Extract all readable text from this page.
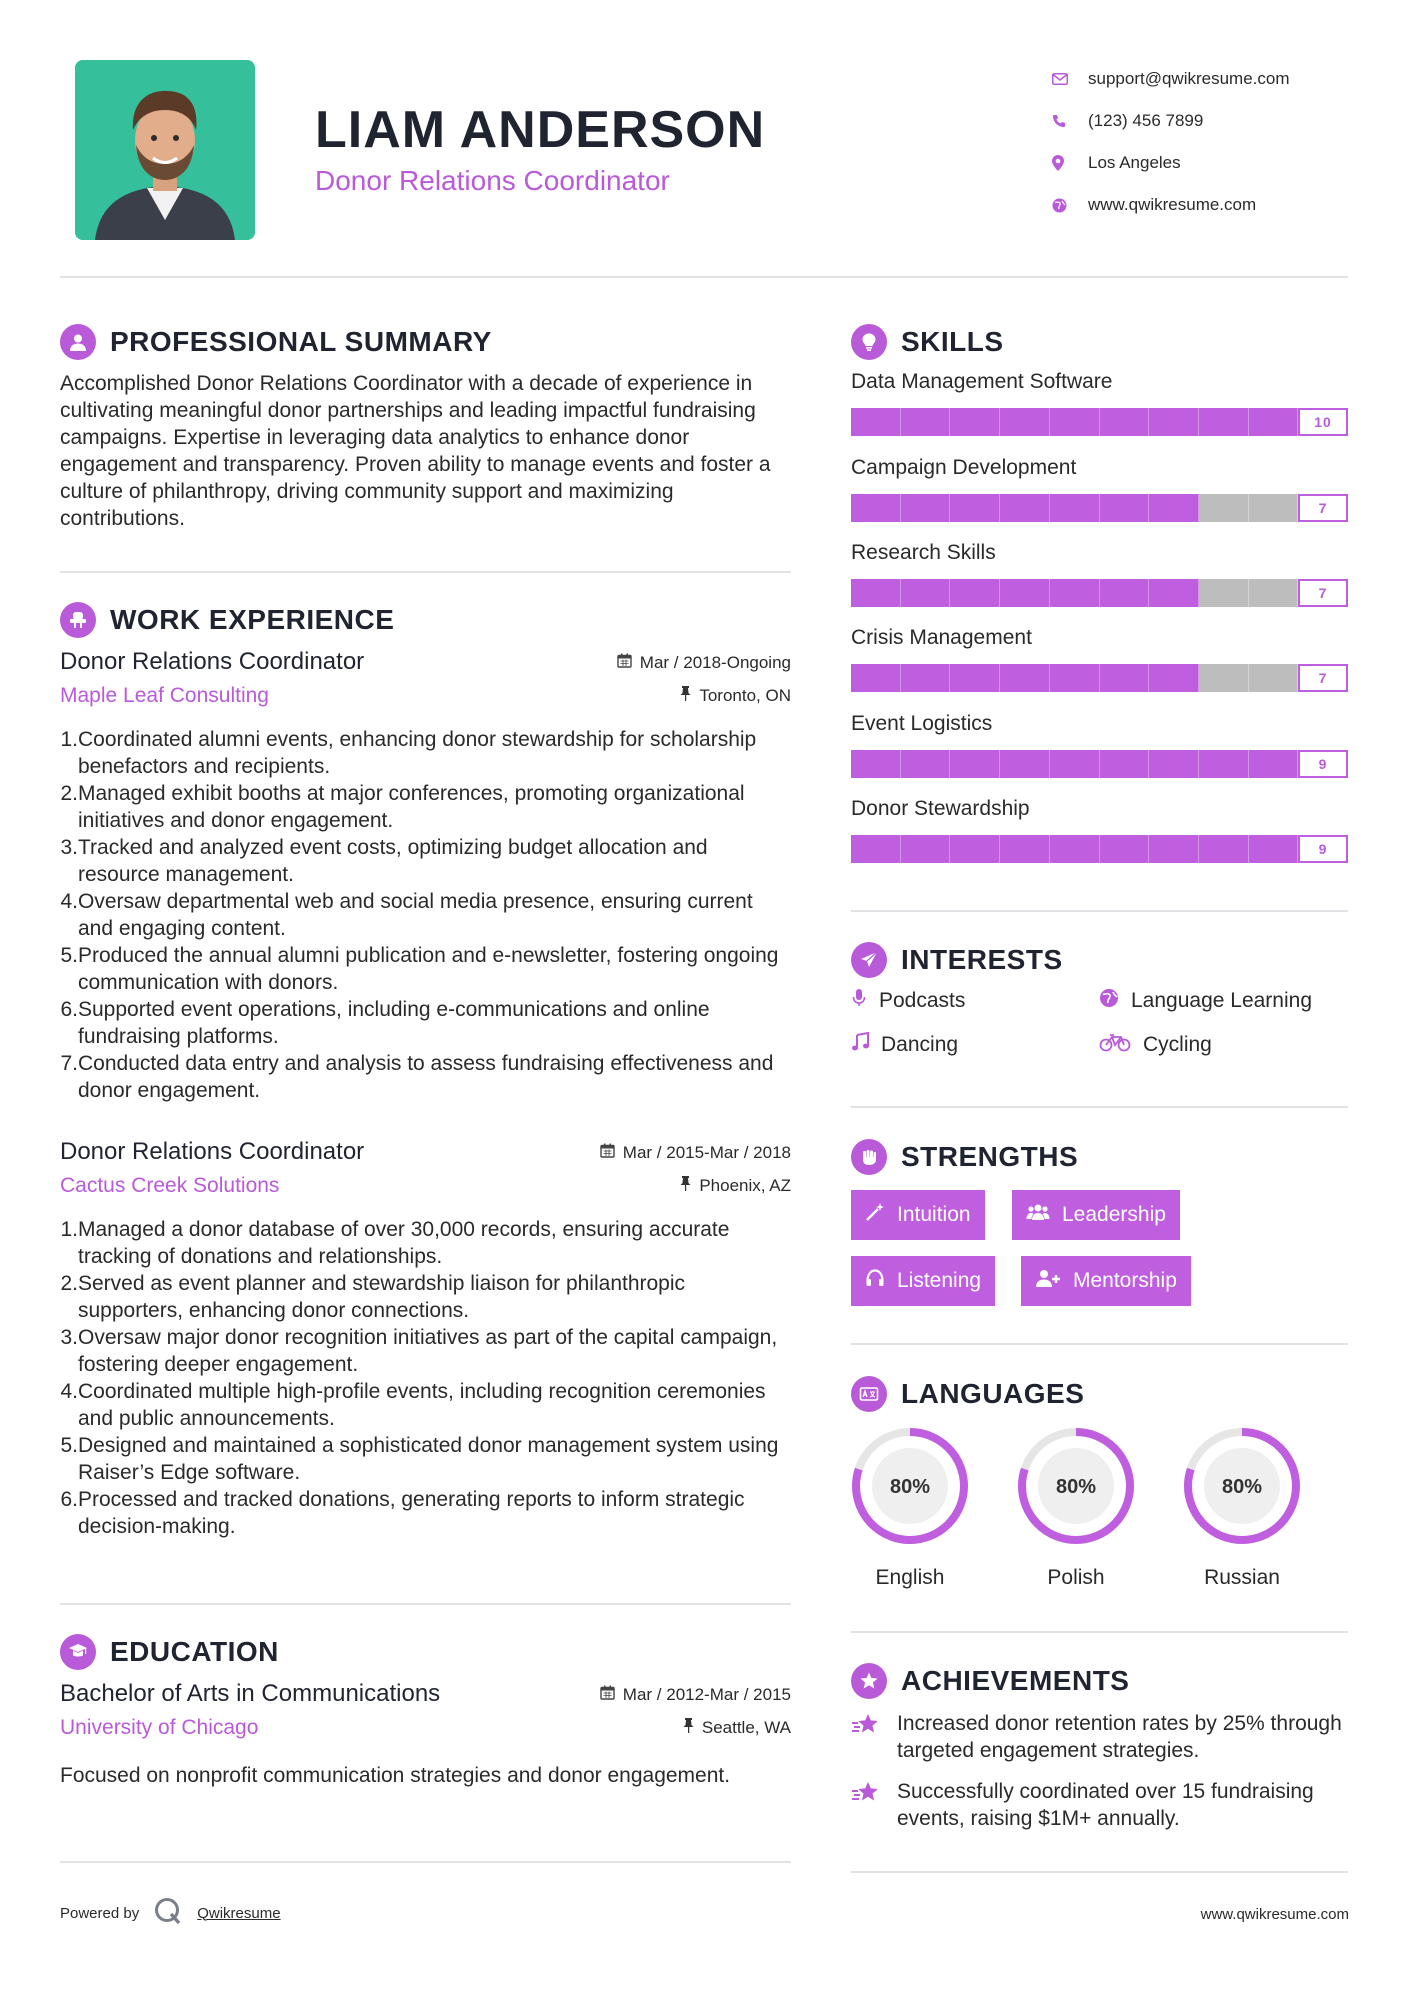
LIAM ANDERSON
Donor Relations Coordinator
support@qwikresume.com
(123) 456 7899
Los Angeles
www.qwikresume.com
PROFESSIONAL SUMMARY
Accomplished Donor Relations Coordinator with a decade of experience in cultivating meaningful donor partnerships and leading impactful fundraising campaigns. Expertise in leveraging data analytics to enhance donor engagement and transparency. Proven ability to manage events and foster a culture of philanthropy, driving community support and maximizing contributions.
WORK EXPERIENCE
Donor Relations Coordinator	Mar / 2018-Ongoing
Maple Leaf Consulting	Toronto, ON
1. Coordinated alumni events, enhancing donor stewardship for scholarship benefactors and recipients.
2. Managed exhibit booths at major conferences, promoting organizational initiatives and donor engagement.
3. Tracked and analyzed event costs, optimizing budget allocation and resource management.
4. Oversaw departmental web and social media presence, ensuring current and engaging content.
5. Produced the annual alumni publication and e-newsletter, fostering ongoing communication with donors.
6. Supported event operations, including e-communications and online fundraising platforms.
7. Conducted data entry and analysis to assess fundraising effectiveness and donor engagement.
Donor Relations Coordinator	Mar / 2015-Mar / 2018
Cactus Creek Solutions	Phoenix, AZ
1. Managed a donor database of over 30,000 records, ensuring accurate tracking of donations and relationships.
2. Served as event planner and stewardship liaison for philanthropic supporters, enhancing donor connections.
3. Oversaw major donor recognition initiatives as part of the capital campaign, fostering deeper engagement.
4. Coordinated multiple high-profile events, including recognition ceremonies and public announcements.
5. Designed and maintained a sophisticated donor management system using Raiser’s Edge software.
6. Processed and tracked donations, generating reports to inform strategic decision-making.
EDUCATION
Bachelor of Arts in Communications	Mar / 2012-Mar / 2015
University of Chicago	Seattle, WA
Focused on nonprofit communication strategies and donor engagement.
SKILLS
Data Management Software
10
Campaign Development
7
Research Skills
7
Crisis Management
7
Event Logistics
9
Donor Stewardship
9
INTERESTS
Podcasts	Language Learning
Dancing	Cycling
STRENGTHS
Intuition	Leadership
Listening	Mentorship
LANGUAGES
80%
English
80%
Polish
80%
Russian
ACHIEVEMENTS
Increased donor retention rates by 25% through targeted engagement strategies.
Successfully coordinated over 15 fundraising events, raising $1M+ annually.
Powered by	Qwikresume	www.qwikresume.com
